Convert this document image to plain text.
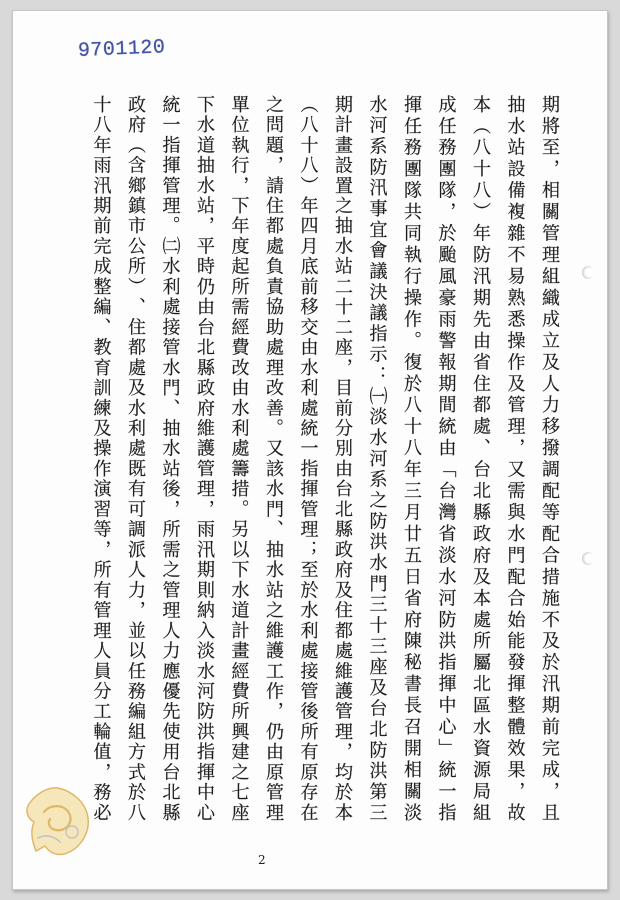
9701120
期將至，相關管理組織成立及人力移撥調配等配合措施不及於汛期前完成，且
抽水站設備複雜不易熟悉操作及管理，又需與水門配合始能發揮整體效果，故
本（八十八）年防汛期先由省住都處、台北縣政府及本處所屬北區水資源局組
成任務團隊，於颱風豪雨警報期間統由「台灣省淡水河防洪指揮中心」統一指
揮任務團隊共同執行操作。復於八十八年三月廿五日省府陳秘書長召開相關淡
水河系防汛事宜會議決議指示：㈠淡水河系之防洪水門三十三座及台北防洪第三
期計畫設置之抽水站二十二座，目前分別由台北縣政府及住都處維護管理，均於本
（八十八）年四月底前移交由水利處統一指揮管理；至於水利處接管後所有原存在
之問題，請住都處負責協助處理改善。又該水門、抽水站之維護工作，仍由原管理
單位執行，下年度起所需經費改由水利處籌措。另以下水道計畫經費所興建之七座
下水道抽水站，平時仍由台北縣政府維護管理，雨汛期則納入淡水河防洪指揮中心
統一指揮管理。㈡水利處接管水門、抽水站後，所需之管理人力應優先使用台北縣
政府（含鄉鎮市公所）、住都處及水利處既有可調派人力，並以任務編組方式於八
十八年雨汛期前完成整編、教育訓練及操作演習等，所有管理人員分工輪值，務必
2
